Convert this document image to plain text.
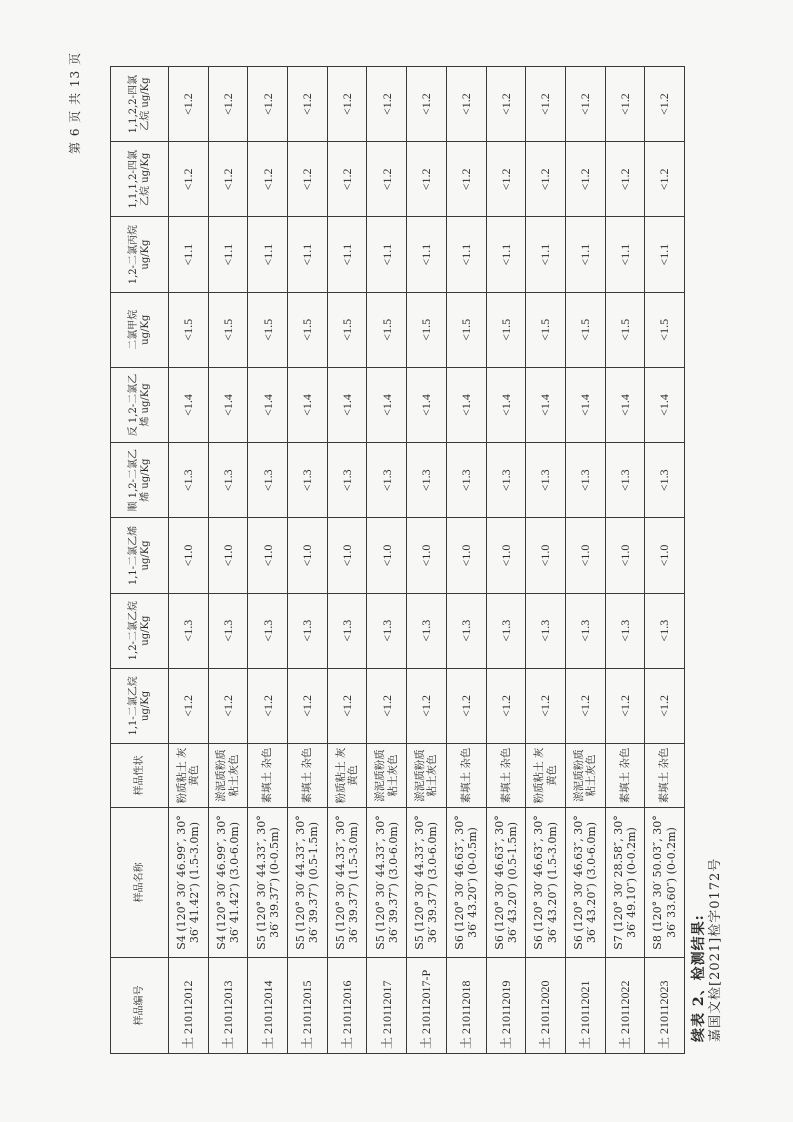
嘉国文检[2021]检字0172号
续表 2、检测结果:
第 6 页 共 13 页
样品编号	样品名称	样品性状	1,1-二氯乙烷 ug/Kg	1,2-二氯乙烷 ug/Kg	1,1-二氯乙烯 ug/Kg	顺 1,2-二氯乙烯 ug/Kg	反 1,2-二氯乙烯 ug/Kg	二氯甲烷 ug/Kg	1,2-二氯丙烷 ug/Kg	1,1,1,2-四氯乙烷 ug/Kg	1,1,2,2-四氯乙烷 ug/Kg
土 210112012	S4 (120° 30′ 46.99″, 30° 36′ 41.42″) (1.5-3.0m)	粉质粘土 灰黄色	<1.2	<1.3	<1.0	<1.3	<1.4	<1.5	<1.1	<1.2	<1.2
土 210112013	S4 (120° 30′ 46.99″, 30° 36′ 41.42″) (3.0-6.0m)	淤泥质粉质 粘土灰色	<1.2	<1.3	<1.0	<1.3	<1.4	<1.5	<1.1	<1.2	<1.2
土 210112014	S5 (120° 30′ 44.33″, 30° 36′ 39.37″) (0-0.5m)	素填土 杂色	<1.2	<1.3	<1.0	<1.3	<1.4	<1.5	<1.1	<1.2	<1.2
土 210112015	S5 (120° 30′ 44.33″, 30° 36′ 39.37″) (0.5-1.5m)	素填土 杂色	<1.2	<1.3	<1.0	<1.3	<1.4	<1.5	<1.1	<1.2	<1.2
土 210112016	S5 (120° 30′ 44.33″, 30° 36′ 39.37″) (1.5-3.0m)	粉质粘土 灰黄色	<1.2	<1.3	<1.0	<1.3	<1.4	<1.5	<1.1	<1.2	<1.2
土 210112017	S5 (120° 30′ 44.33″, 30° 36′ 39.37″) (3.0-6.0m)	淤泥质粉质 粘土灰色	<1.2	<1.3	<1.0	<1.3	<1.4	<1.5	<1.1	<1.2	<1.2
土 210112017-P	S5 (120° 30′ 44.33″, 30° 36′ 39.37″) (3.0-6.0m)	淤泥质粉质 粘土灰色	<1.2	<1.3	<1.0	<1.3	<1.4	<1.5	<1.1	<1.2	<1.2
土 210112018	S6 (120° 30′ 46.63″, 30° 36′ 43.20″) (0-0.5m)	素填土 杂色	<1.2	<1.3	<1.0	<1.3	<1.4	<1.5	<1.1	<1.2	<1.2
土 210112019	S6 (120° 30′ 46.63″, 30° 36′ 43.20″) (0.5-1.5m)	素填土 杂色	<1.2	<1.3	<1.0	<1.3	<1.4	<1.5	<1.1	<1.2	<1.2
土 210112020	S6 (120° 30′ 46.63″, 30° 36′ 43.20″) (1.5-3.0m)	粉质粘土 灰黄色	<1.2	<1.3	<1.0	<1.3	<1.4	<1.5	<1.1	<1.2	<1.2
土 210112021	S6 (120° 30′ 46.63″, 30° 36′ 43.20″) (3.0-6.0m)	淤泥质粉质 粘土灰色	<1.2	<1.3	<1.0	<1.3	<1.4	<1.5	<1.1	<1.2	<1.2
土 210112022	S7 (120° 30′ 28.58″, 30° 36′ 49.10″) (0-0.2m)	素填土 杂色	<1.2	<1.3	<1.0	<1.3	<1.4	<1.5	<1.1	<1.2	<1.2
土 210112023	S8 (120° 30′ 50.03″, 30° 36′ 33.60″) (0-0.2m)	素填土 杂色	<1.2	<1.3	<1.0	<1.3	<1.4	<1.5	<1.1	<1.2	<1.2
